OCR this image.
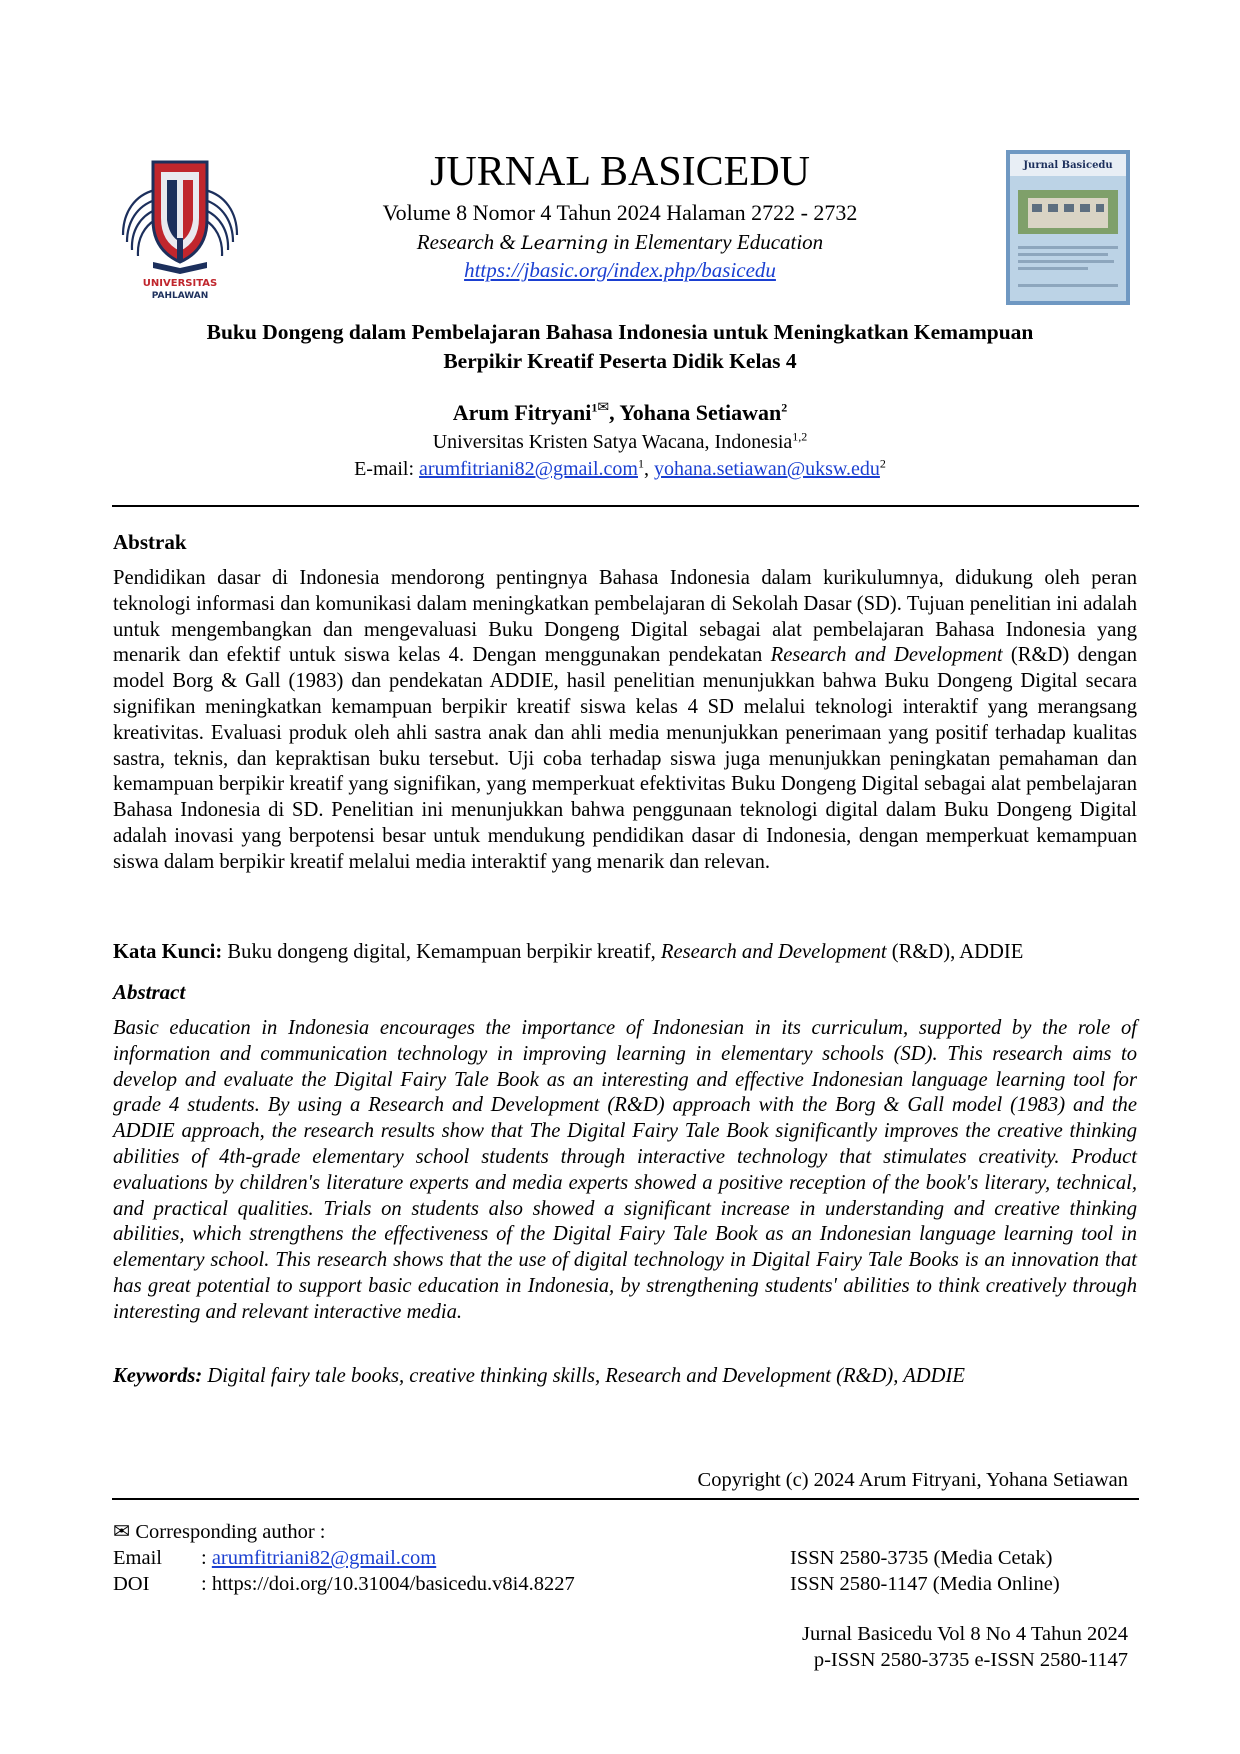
UNIVERSITAS
PAHLAWAN
Jurnal Basicedu
JURNAL BASICEDU
Volume 8 Nomor 4 Tahun 2024 Halaman 2722 - 2732
Research & Learning in Elementary Education
https://jbasic.org/index.php/basicedu
Buku Dongeng dalam Pembelajaran Bahasa Indonesia untuk Meningkatkan Kemampuan
Berpikir Kreatif Peserta Didik Kelas 4
Arum Fitryani$^{1✉}$, Yohana Setiawan$^2$
Universitas Kristen Satya Wacana, Indonesia$^{1,2}$
E-mail: arumfitriani82@gmail.com$^1$, yohana.setiawan@uksw.edu$^2$
Abstrak

Pendidikan dasar di Indonesia mendorong pentingnya Bahasa Indonesia dalam kurikulumnya, didukung oleh peran teknologi informasi dan komunikasi dalam meningkatkan pembelajaran di Sekolah Dasar (SD). Tujuan penelitian ini adalah untuk mengembangkan dan mengevaluasi Buku Dongeng Digital sebagai alat pembelajaran Bahasa Indonesia yang menarik dan efektif untuk siswa kelas 4. Dengan menggunakan pendekatan Research and Development (R&D) dengan model Borg & Gall (1983) dan pendekatan ADDIE, hasil penelitian menunjukkan bahwa Buku Dongeng Digital secara signifikan meningkatkan kemampuan berpikir kreatif siswa kelas 4 SD melalui teknologi interaktif yang merangsang kreativitas. Evaluasi produk oleh ahli sastra anak dan ahli media menunjukkan penerimaan yang positif terhadap kualitas sastra, teknis, dan kepraktisan buku tersebut. Uji coba terhadap siswa juga menunjukkan peningkatan pemahaman dan kemampuan berpikir kreatif yang signifikan, yang memperkuat efektivitas Buku Dongeng Digital sebagai alat pembelajaran Bahasa Indonesia di SD. Penelitian ini menunjukkan bahwa penggunaan teknologi digital dalam Buku Dongeng Digital adalah inovasi yang berpotensi besar untuk mendukung pendidikan dasar di Indonesia, dengan memperkuat kemampuan siswa dalam berpikir kreatif melalui media interaktif yang menarik dan relevan.

Kata Kunci: Buku dongeng digital, Kemampuan berpikir kreatif, Research and Development (R&D), ADDIE
Abstract

Basic education in Indonesia encourages the importance of Indonesian in its curriculum, supported by the role of information and communication technology in improving learning in elementary schools (SD). This research aims to develop and evaluate the Digital Fairy Tale Book as an interesting and effective Indonesian language learning tool for grade 4 students. By using a Research and Development (R&D) approach with the Borg & Gall model (1983) and the ADDIE approach, the research results show that The Digital Fairy Tale Book significantly improves the creative thinking abilities of 4th-grade elementary school students through interactive technology that stimulates creativity. Product evaluations by children's literature experts and media experts showed a positive reception of the book's literary, technical, and practical qualities. Trials on students also showed a significant increase in understanding and creative thinking abilities, which strengthens the effectiveness of the Digital Fairy Tale Book as an Indonesian language learning tool in elementary school. This research shows that the use of digital technology in Digital Fairy Tale Books is an innovation that has great potential to support basic education in Indonesia, by strengthening students' abilities to think creatively through interesting and relevant interactive media.

Keywords: Digital fairy tale books, creative thinking skills, Research and Development (R&D), ADDIE
Copyright (c) 2024 Arum Fitryani, Yohana Setiawan
✉ Corresponding author :
Email : arumfitriani82@gmail.com
DOI	: https://doi.org/10.31004/basicedu.v8i4.8227
ISSN 2580-3735 (Media Cetak)
ISSN 2580-1147 (Media Online)
Jurnal Basicedu Vol 8 No 4 Tahun 2024
p-ISSN 2580-3735 e-ISSN 2580-1147
